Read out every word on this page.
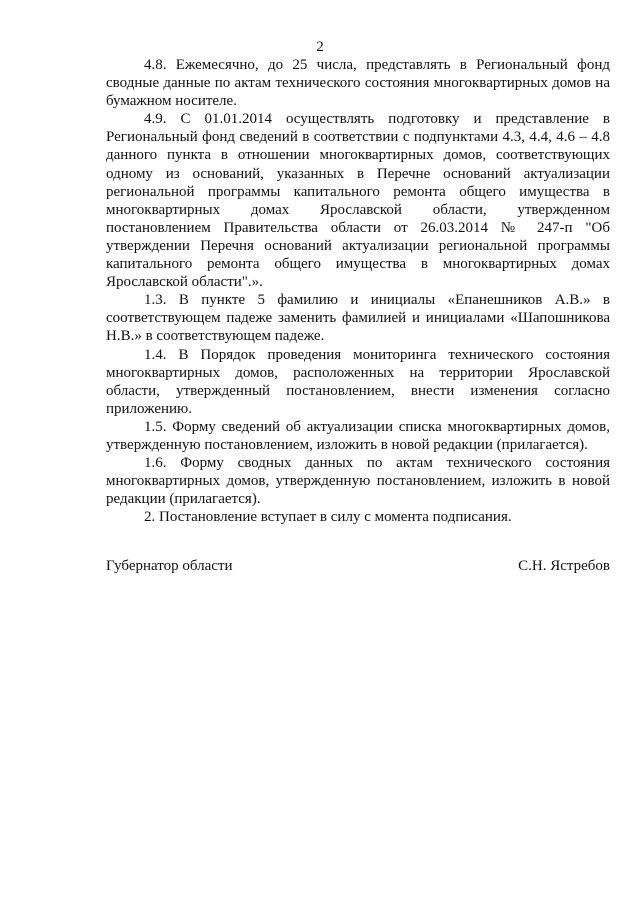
2

4.8. Ежемесячно, до 25 числа, представлять в Региональный фонд сводные данные по актам технического состояния многоквартирных домов на бумажном носителе.

4.9. С 01.01.2014 осуществлять подготовку и представление в Региональный фонд сведений в соответствии с подпунктами 4.3, 4.4, 4.6 – 4.8 данного пункта в отношении многоквартирных домов, соответствующих одному из оснований, указанных в Перечне оснований актуализации региональной программы капитального ремонта общего имущества в многоквартирных домах Ярославской области, утвержденном постановлением Правительства области от 26.03.2014 № 247-п "Об утверждении Перечня оснований актуализации региональной программы капитального ремонта общего имущества в многоквартирных домах Ярославской области".».

1.3. В пункте 5 фамилию и инициалы «Епанешников А.В.» в соответствующем падеже заменить фамилией и инициалами «Шапошникова Н.В.» в соответствующем падеже.

1.4. В Порядок проведения мониторинга технического состояния многоквартирных домов, расположенных на территории Ярославской области, утвержденный постановлением, внести изменения согласно приложению.

1.5. Форму сведений об актуализации списка многоквартирных домов, утвержденную постановлением, изложить в новой редакции (прилагается).

1.6. Форму сводных данных по актам технического состояния многоквартирных домов, утвержденную постановлением, изложить в новой редакции (прилагается).

2. Постановление вступает в силу с момента подписания.

Губернатор области	С.Н. Ястребов
